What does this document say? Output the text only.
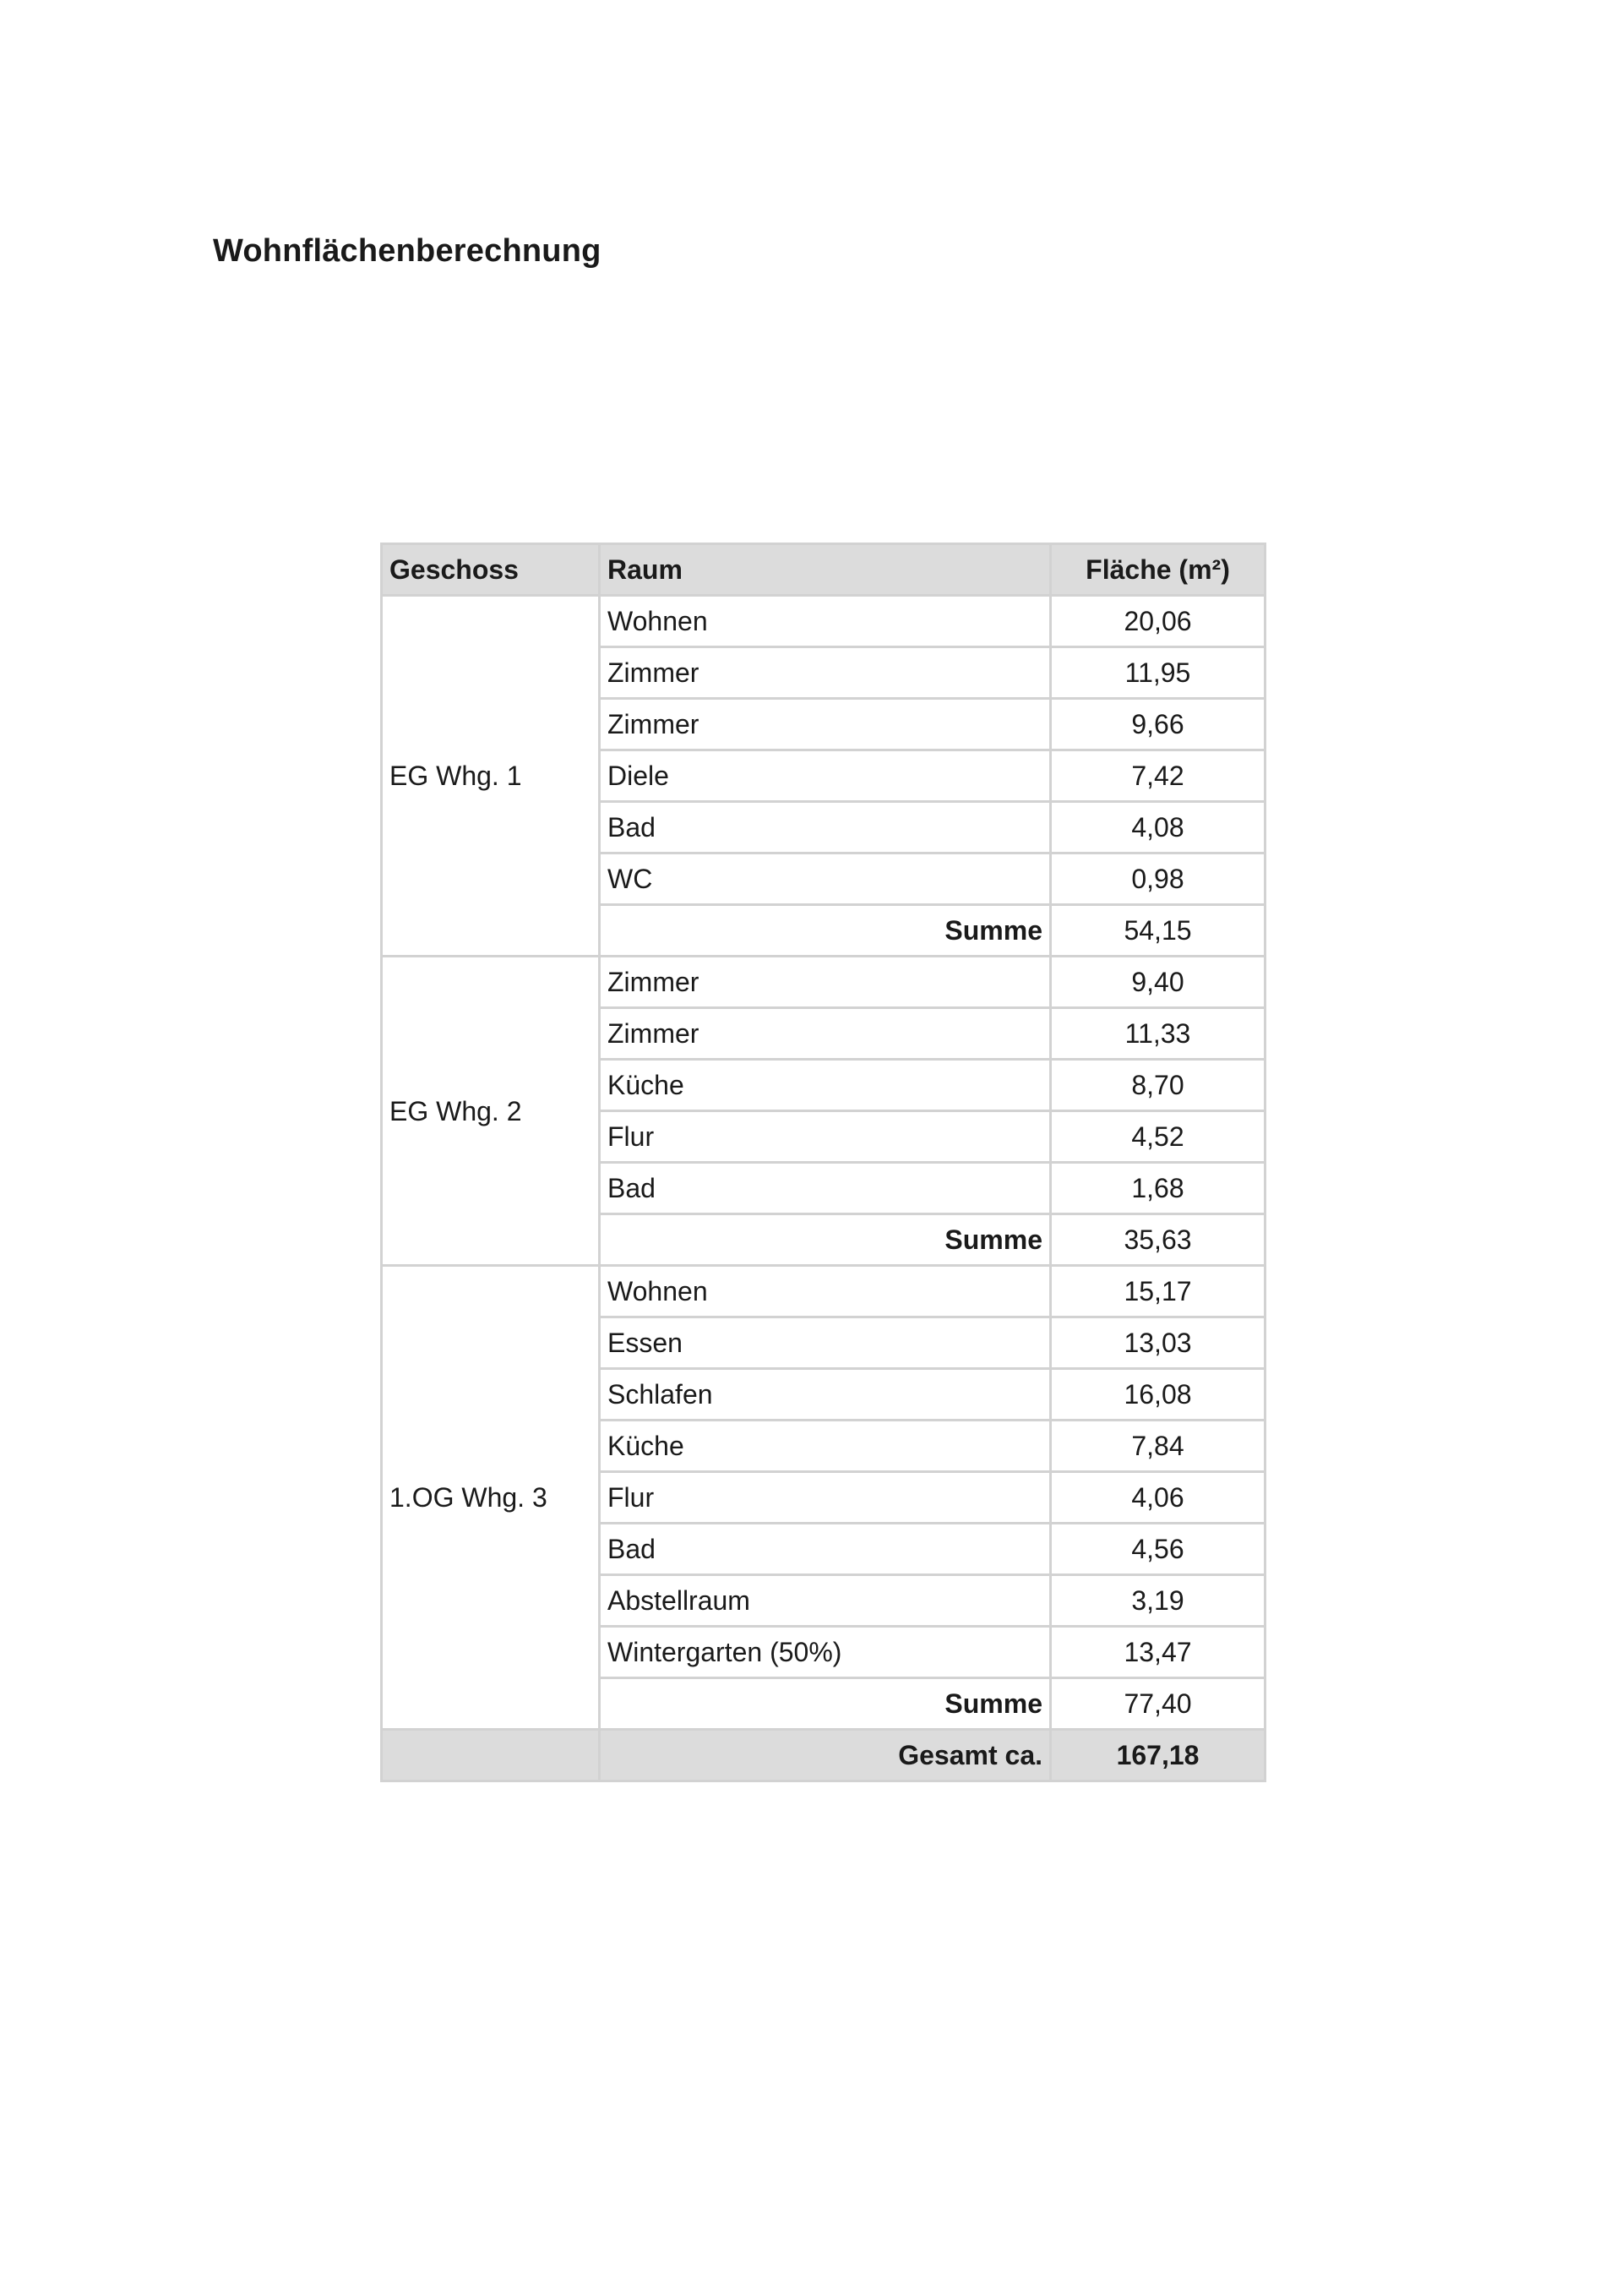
Wohnflächenberechnung
Geschoss	Raum	Fläche (m²)
EG Whg. 1	Wohnen	20,06
	Zimmer	11,95
	Zimmer	9,66
	Diele	7,42
	Bad	4,08
	WC	0,98
	Summe	54,15
EG Whg. 2	Zimmer	9,40
	Zimmer	11,33
	Küche	8,70
	Flur	4,52
	Bad	1,68
	Summe	35,63
1.OG Whg. 3	Wohnen	15,17
	Essen	13,03
	Schlafen	16,08
	Küche	7,84
	Flur	4,06
	Bad	4,56
	Abstellraum	3,19
	Wintergarten (50%)	13,47
	Summe	77,40
	Gesamt ca.	167,18
